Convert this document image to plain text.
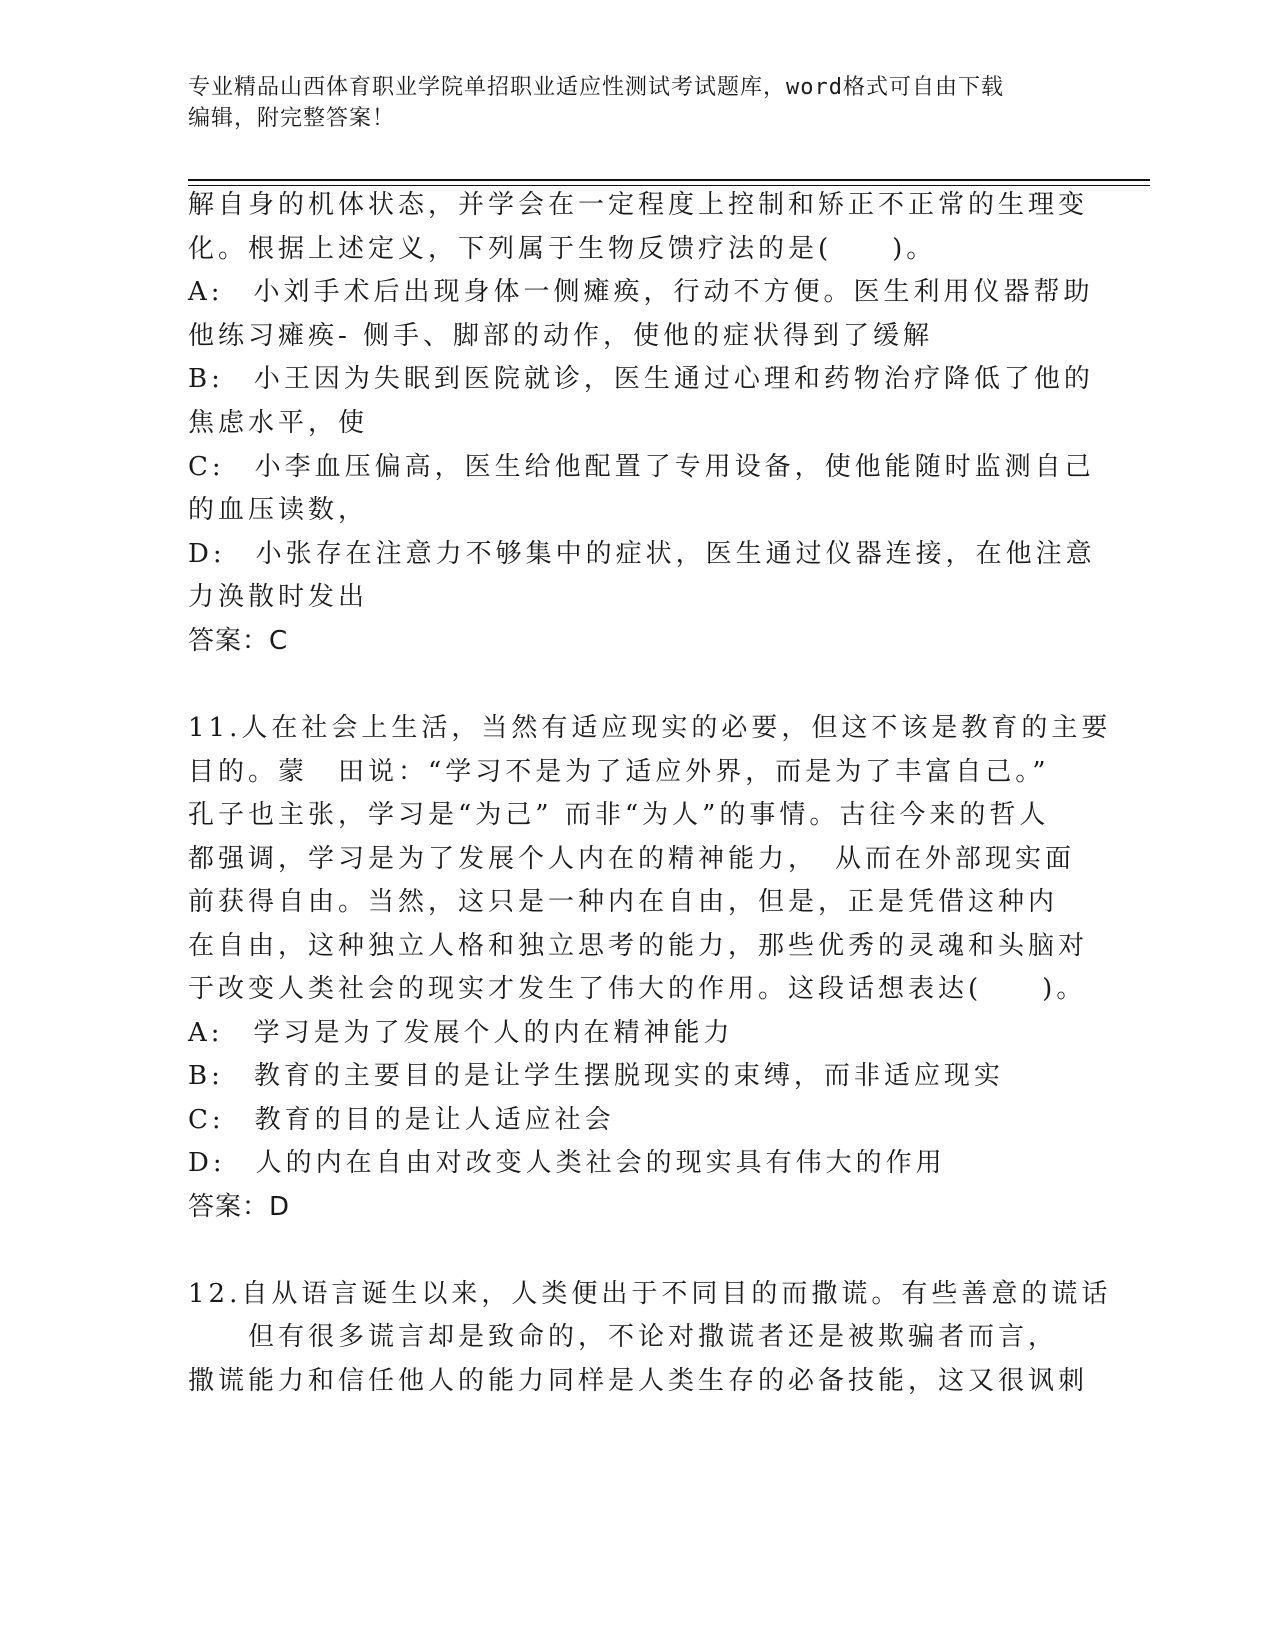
专业精品山西体育职业学院单招职业适应性测试考试题库，word格式可自由下载
编辑，附完整答案！
解自身的机体状态，并学会在一定程度上控制和矫正不正常的生理变
化。根据上述定义，下列属于生物反馈疗法的是(　　)。
A:　小刘手术后出现身体一侧瘫痪，行动不方便。医生利用仪器帮助
他练习瘫痪- 侧手、脚部的动作，使他的症状得到了缓解
B:　小王因为失眠到医院就诊，医生通过心理和药物治疗降低了他的
焦虑水平，使
C:　小李血压偏高，医生给他配置了专用设备，使他能随时监测自己
的血压读数，
D:　小张存在注意力不够集中的症状，医生通过仪器连接，在他注意
力涣散时发出
答案：C
11.人在社会上生活，当然有适应现实的必要，但这不该是教育的主要
目的。蒙　田说：“学习不是为了适应外界，而是为了丰富自己。”
孔子也主张，学习是“为己” 而非“为人”的事情。古往今来的哲人
都强调，学习是为了发展个人内在的精神能力，　从而在外部现实面
前获得自由。当然，这只是一种内在自由，但是，正是凭借这种内
在自由，这种独立人格和独立思考的能力，那些优秀的灵魂和头脑对
于改变人类社会的现实才发生了伟大的作用。这段话想表达(　　)。
A:　学习是为了发展个人的内在精神能力
B:　教育的主要目的是让学生摆脱现实的束缚，而非适应现实
C:　教育的目的是让人适应社会
D:　人的内在自由对改变人类社会的现实具有伟大的作用
答案：D
12.自从语言诞生以来，人类便出于不同目的而撒谎。有些善意的谎话
　　但有很多谎言却是致命的，不论对撒谎者还是被欺骗者而言，
撒谎能力和信任他人的能力同样是人类生存的必备技能，这又很讽刺
